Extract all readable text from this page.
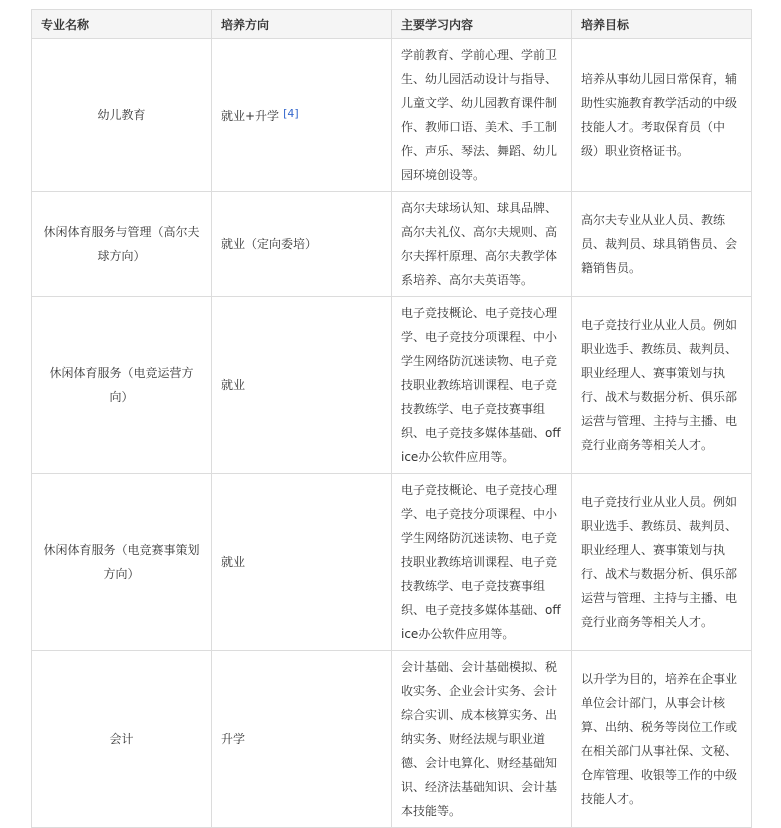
专业名称	培养方向	主要学习内容	培养目标
幼儿教育	就业+升学 [4]	学前教育、学前心理、学前卫生、幼儿园活动设计与指导、儿童文学、幼儿园教育课件制作、教师口语、美术、手工制作、声乐、琴法、舞蹈、幼儿园环境创设等。	培养从事幼儿园日常保育，辅助性实施教育教学活动的中级技能人才。考取保育员（中级）职业资格证书。
休闲体育服务与管理（高尔夫球方向）	就业（定向委培）	高尔夫球场认知、球具品牌、高尔夫礼仪、高尔夫规则、高尔夫挥杆原理、高尔夫教学体系培养、高尔夫英语等。	高尔夫专业从业人员、教练员、裁判员、球具销售员、会籍销售员。
休闲体育服务（电竞运营方向）	就业	电子竞技概论、电子竞技心理学、电子竞技分项课程、中小学生网络防沉迷读物、电子竞技职业教练培训课程、电子竞技教练学、电子竞技赛事组织、电子竞技多媒体基础、office办公软件应用等。	电子竞技行业从业人员。例如职业选手、教练员、裁判员、职业经理人、赛事策划与执行、战术与数据分析、俱乐部运营与管理、主持与主播、电竞行业商务等相关人才。
休闲体育服务（电竞赛事策划方向）	就业	电子竞技概论、电子竞技心理学、电子竞技分项课程、中小学生网络防沉迷读物、电子竞技职业教练培训课程、电子竞技教练学、电子竞技赛事组织、电子竞技多媒体基础、office办公软件应用等。	电子竞技行业从业人员。例如职业选手、教练员、裁判员、职业经理人、赛事策划与执行、战术与数据分析、俱乐部运营与管理、主持与主播、电竞行业商务等相关人才。
会计	升学	会计基础、会计基础模拟、税收实务、企业会计实务、会计综合实训、成本核算实务、出纳实务、财经法规与职业道德、会计电算化、财经基础知识、经济法基础知识、会计基本技能等。	以升学为目的，培养在企事业单位会计部门，从事会计核算、出纳、税务等岗位工作或在相关部门从事社保、文秘、仓库管理、收银等工作的中级技能人才。
